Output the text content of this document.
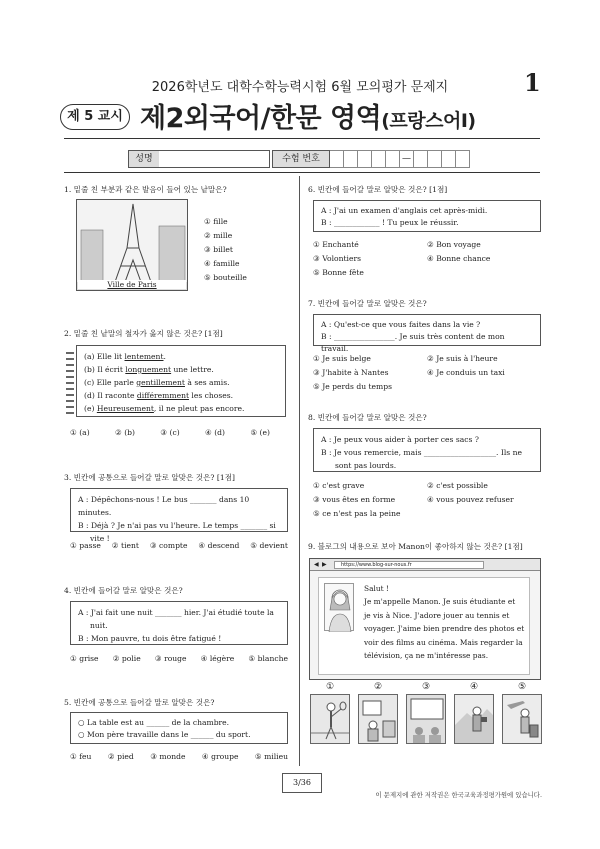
2026학년도 대학수학능력시험 6월 모의평가 문제지	1
제 5 교시 제2외국어/한문 영역(프랑스어Ⅰ)
성명	수험 번호	—
1. 밑줄 친 부분과 같은 발음이 들어 있는 낱말은?
Ville de Paris
① fille
② mille
③ billet
④ famille
⑤ bouteille
2. 밑줄 친 낱말의 철자가 옳지 않은 것은? [1점]
(a) Elle lit lentement.
(b) Il écrit longuement une lettre.
(c) Elle parle gentillement à ses amis.
(d) Il raconte différemment les choses.
(e) Heureusement, il ne pleut pas encore.
① (a)	② (b)	③ (c)	④ (d)	⑤ (e)
3. 빈칸에 공통으로 들어갈 말로 알맞은 것은? [1점]
A : Dépêchons-nous ! Le bus _______ dans 10 minutes.
B : Déjà ? Je n'ai pas vu l'heure. Le temps _______ si
vite !
① passe ② tient ③ compte ④ descend ⑤ devient
4. 빈칸에 들어갈 말로 알맞은 것은?
A : J'ai fait une nuit _______ hier. J'ai étudié toute la
nuit.
B : Mon pauvre, tu dois être fatigué !
① grise ② polie ③ rouge ④ légère ⑤ blanche
5. 빈칸에 공통으로 들어갈 말로 알맞은 것은?
○ La table est au ______ de la chambre.
○ Mon père travaille dans le ______ du sport.
① feu ② pied ③ monde ④ groupe ⑤ milieu
6. 빈칸에 들어갈 말로 알맞은 것은? [1점]
A : J'ai un examen d'anglais cet après-midi.
B : ____________ ! Tu peux le réussir.
① Enchanté	② Bon voyage
③ Volontiers	④ Bonne chance
⑤ Bonne fête
7. 빈칸에 들어갈 말로 알맞은 것은?
A : Qu'est-ce que vous faites dans la vie ?
B : ________________. Je suis très content de mon travail.
① Je suis belge	② Je suis à l'heure
③ J'habite à Nantes	④ Je conduis un taxi
⑤ Je perds du temps
8. 빈칸에 들어갈 말로 알맞은 것은?
A : Je peux vous aider à porter ces sacs ?
B : Je vous remercie, mais ___________________. Ils ne
sont pas lourds.
① c'est grave	② c'est possible
③ vous êtes en forme	④ vous pouvez refuser
⑤ ce n'est pas la peine
9. 블로그의 내용으로 보아 Manon이 좋아하지 않는 것은? [1점]
◀ ▶	https://www.blog-sur-nous.fr
Salut !
Je m'appelle Manon. Je suis étudiante et
je vis à Nice. J'adore jouer au tennis et
voyager. J'aime bien prendre des photos et
voir des films au cinéma. Mais regarder la
télévision, ça ne m'intéresse pas.
①	②	③	④	⑤
3/36
이 문제지에 관한 저작권은 한국교육과정평가원에 있습니다.
